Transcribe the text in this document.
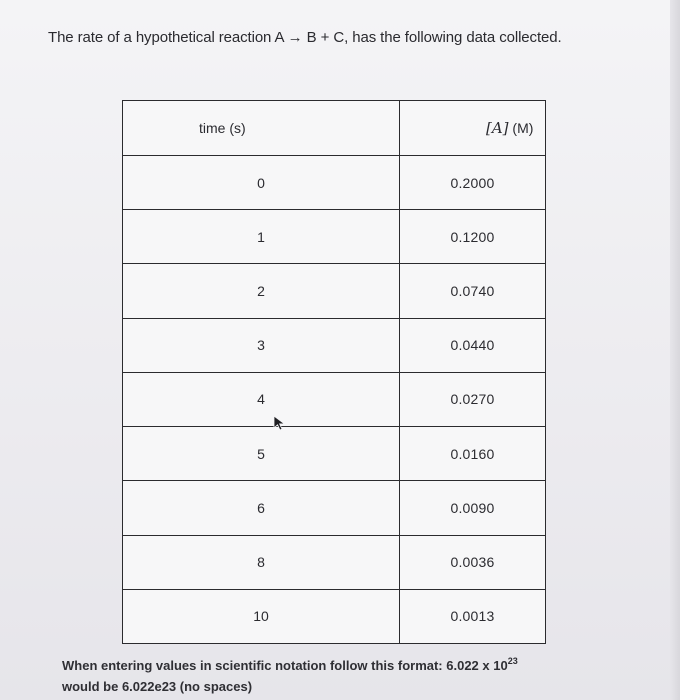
The rate of a hypothetical reaction A → B + C, has the following data collected.
time (s)	[A] (M)
0	0.2000
1	0.1200
2	0.0740
3	0.0440
4	0.0270
5	0.0160
6	0.0090
8	0.0036
10	0.0013
When entering values in scientific notation follow this format: 6.022 x $10^{23}$
would be 6.022e23 (no spaces)
